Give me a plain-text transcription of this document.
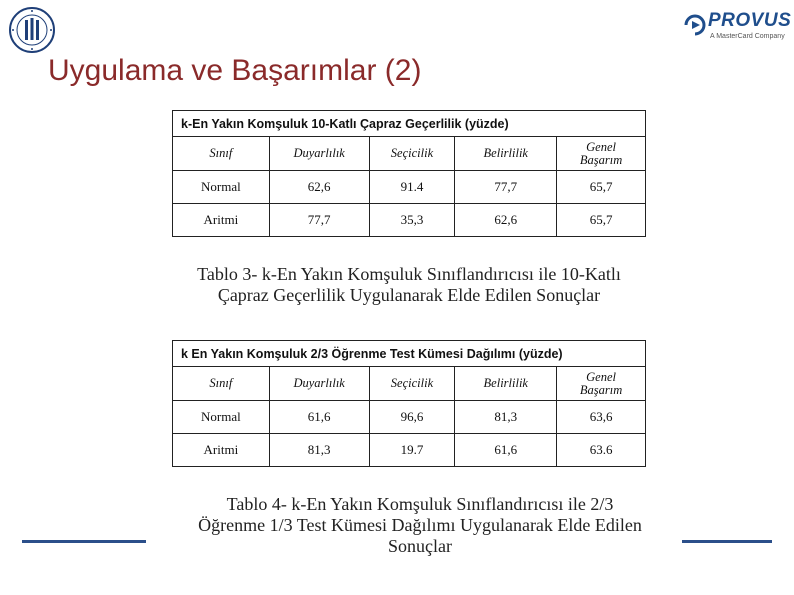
PROVUS
A MasterCard Company
Uygulama ve Başarımlar (2)
k-En Yakın Komşuluk 10-Katlı Çapraz Geçerlilik (yüzde)				
Sınıf	Duyarlılık	Seçicilik	Belirlilik	Genel
Başarım
Normal	62,6	91.4	77,7	65,7
Aritmi	77,7	35,3	62,6	65,7
Tablo 3- k-En Yakın Komşuluk Sınıflandırıcısı ile 10-Katlı
Çapraz Geçerlilik Uygulanarak Elde Edilen Sonuçlar
k En Yakın Komşuluk 2/3 Öğrenme Test Kümesi Dağılımı (yüzde)				
Sınıf	Duyarlılık	Seçicilik	Belirlilik	Genel
Başarım
Normal	61,6	96,6	81,3	63,6
Aritmi	81,3	19.7	61,6	63.6
Tablo 4- k-En Yakın Komşuluk Sınıflandırıcısı ile 2/3
Öğrenme 1/3 Test Kümesi Dağılımı Uygulanarak Elde Edilen
Sonuçlar
